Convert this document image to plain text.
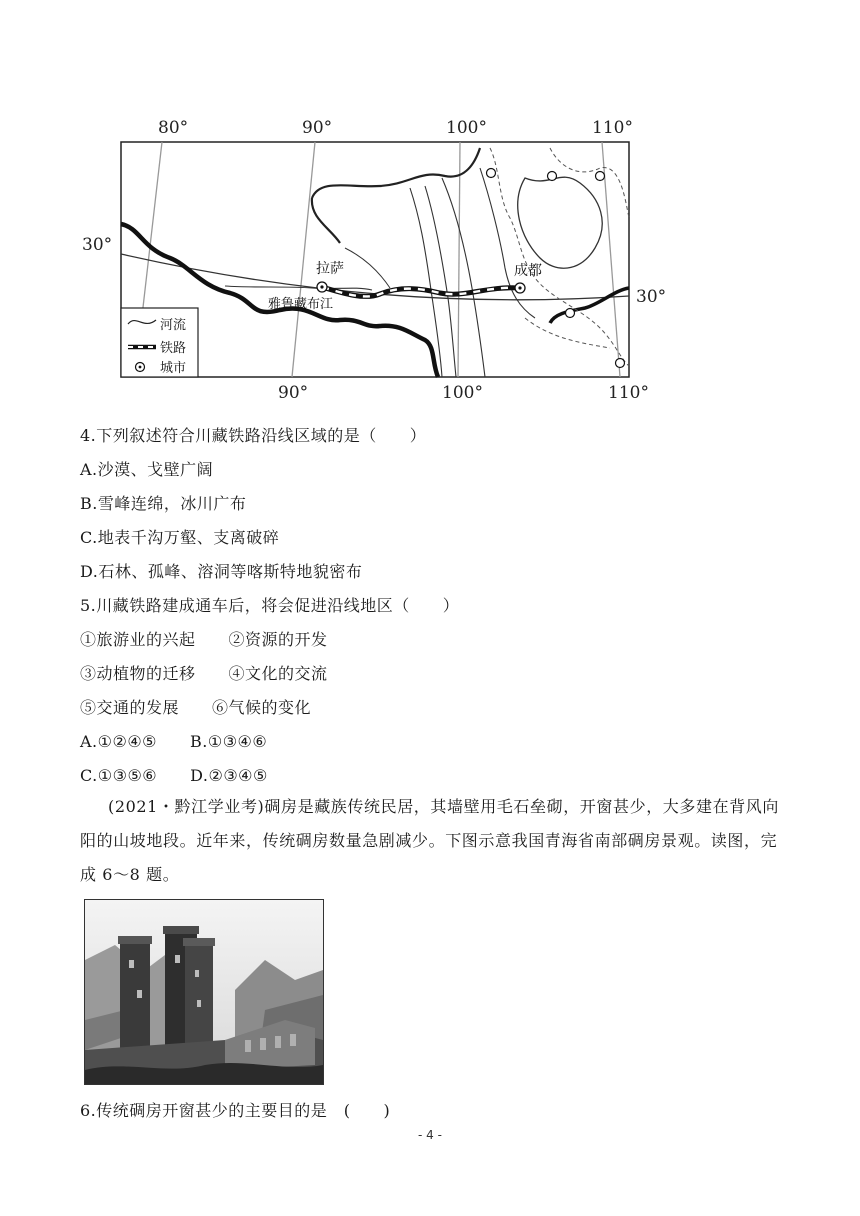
拉萨	成都
雅鲁藏布江
80°	90°	100°	110°
90°	100°	110°
30°
30°
河流
铁路
城市
4.下列叙述符合川藏铁路沿线区域的是（　　）
A.沙漠、戈壁广阔
B.雪峰连绵，冰川广布
C.地表千沟万壑、支离破碎
D.石林、孤峰、溶洞等喀斯特地貌密布
5.川藏铁路建成通车后，将会促进沿线地区（　　）
①旅游业的兴起　　②资源的开发
③动植物的迁移　　④文化的交流
⑤交通的发展　　⑥气候的变化
A.①②④⑤　　B.①③④⑥
C.①③⑤⑥　　D.②③④⑤
(2021・黔江学业考)碉房是藏族传统民居，其墙壁用毛石垒砌，开窗甚少，大多建在背风向阳的山坡地段。近年来，传统碉房数量急剧减少。下图示意我国青海省南部碉房景观。读图，完成 6～8 题。
6.传统碉房开窗甚少的主要目的是　(　　)
- 4 -
